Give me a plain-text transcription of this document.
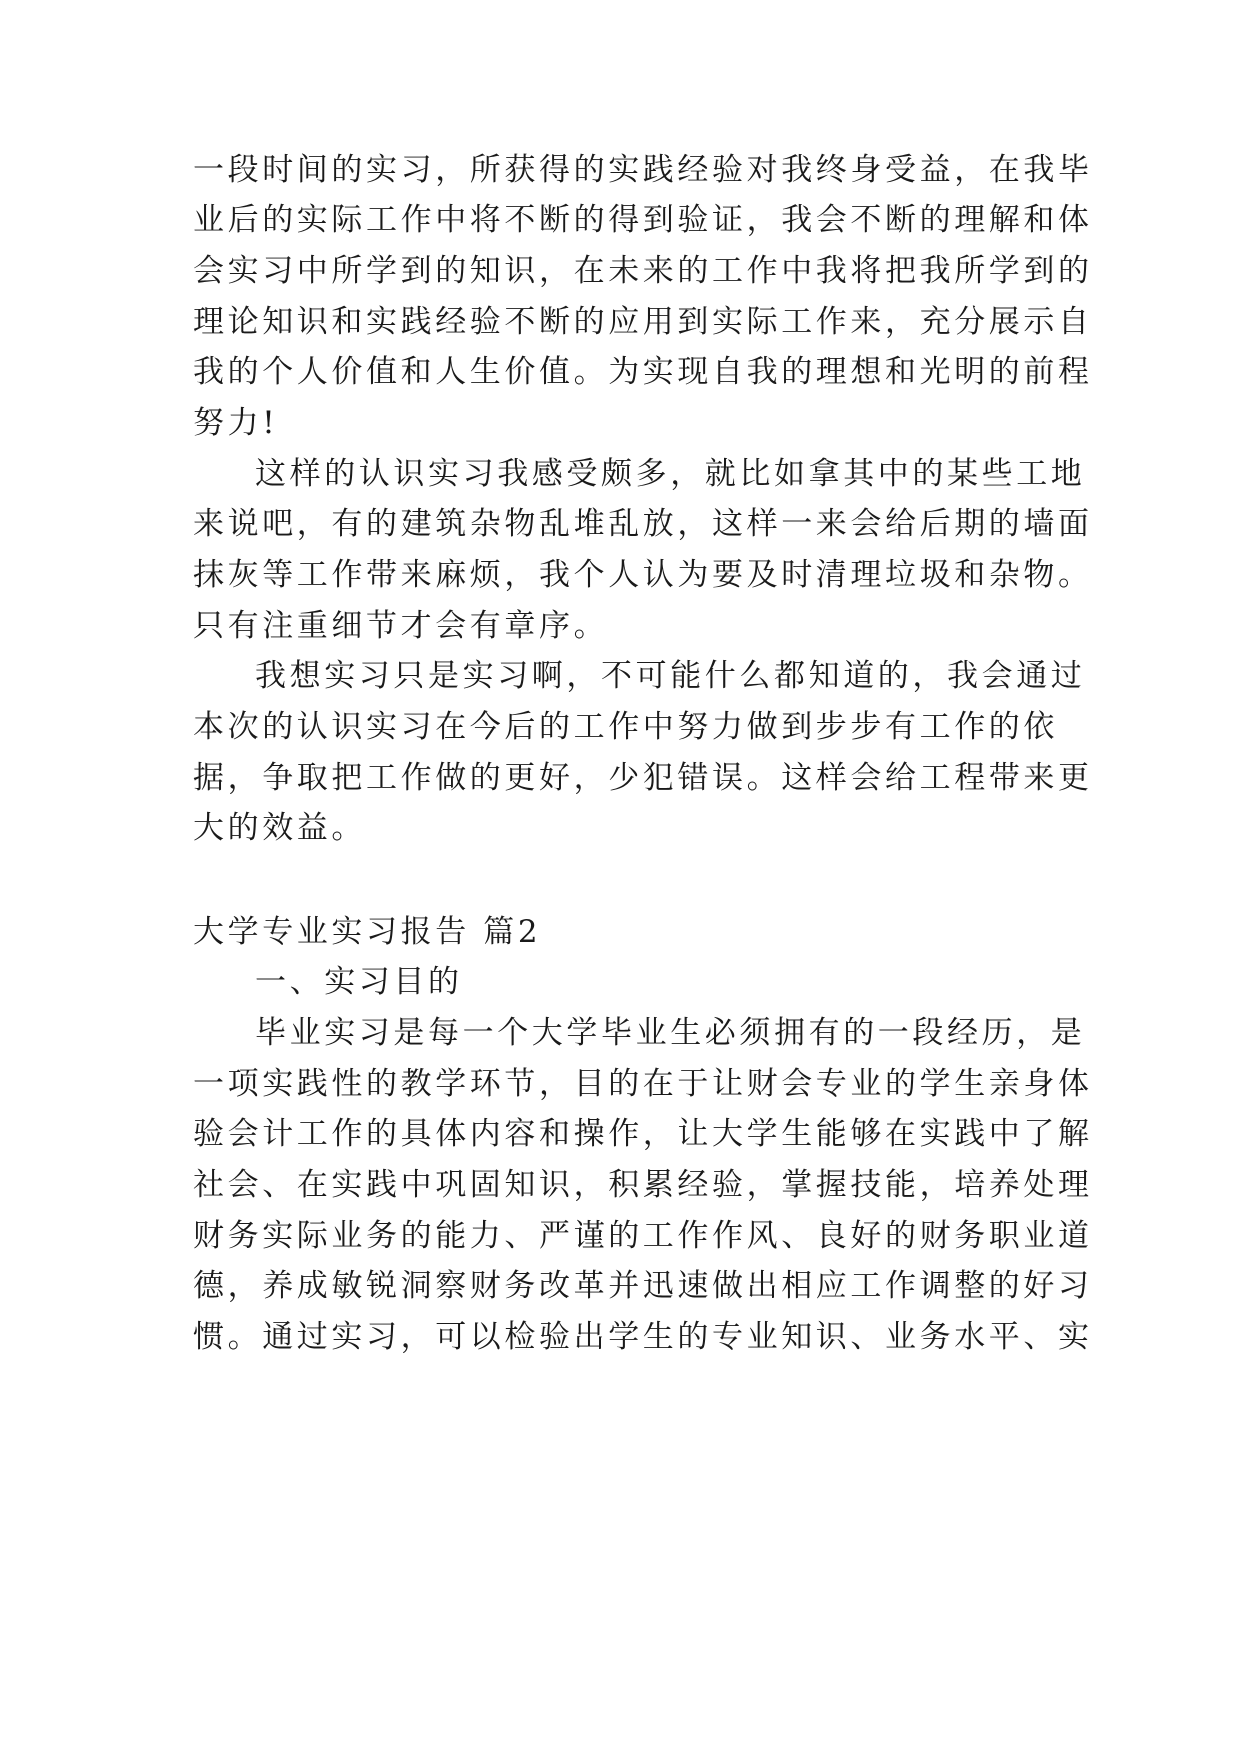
一段时间的实习，所获得的实践经验对我终身受益，在我毕
业后的实际工作中将不断的得到验证，我会不断的理解和体
会实习中所学到的知识，在未来的工作中我将把我所学到的
理论知识和实践经验不断的应用到实际工作来，充分展示自
我的个人价值和人生价值。为实现自我的理想和光明的前程
努力!
这样的认识实习我感受颇多，就比如拿其中的某些工地
来说吧，有的建筑杂物乱堆乱放，这样一来会给后期的墙面
抹灰等工作带来麻烦，我个人认为要及时清理垃圾和杂物。
只有注重细节才会有章序。
我想实习只是实习啊，不可能什么都知道的，我会通过
本次的认识实习在今后的工作中努力做到步步有工作的依
据，争取把工作做的更好，少犯错误。这样会给工程带来更
大的效益。
大学专业实习报告 篇2
一、实习目的
毕业实习是每一个大学毕业生必须拥有的一段经历，是
一项实践性的教学环节，目的在于让财会专业的学生亲身体
验会计工作的具体内容和操作，让大学生能够在实践中了解
社会、在实践中巩固知识，积累经验，掌握技能，培养处理
财务实际业务的能力、严谨的工作作风、良好的财务职业道
德，养成敏锐洞察财务改革并迅速做出相应工作调整的好习
惯。通过实习，可以检验出学生的专业知识、业务水平、实
